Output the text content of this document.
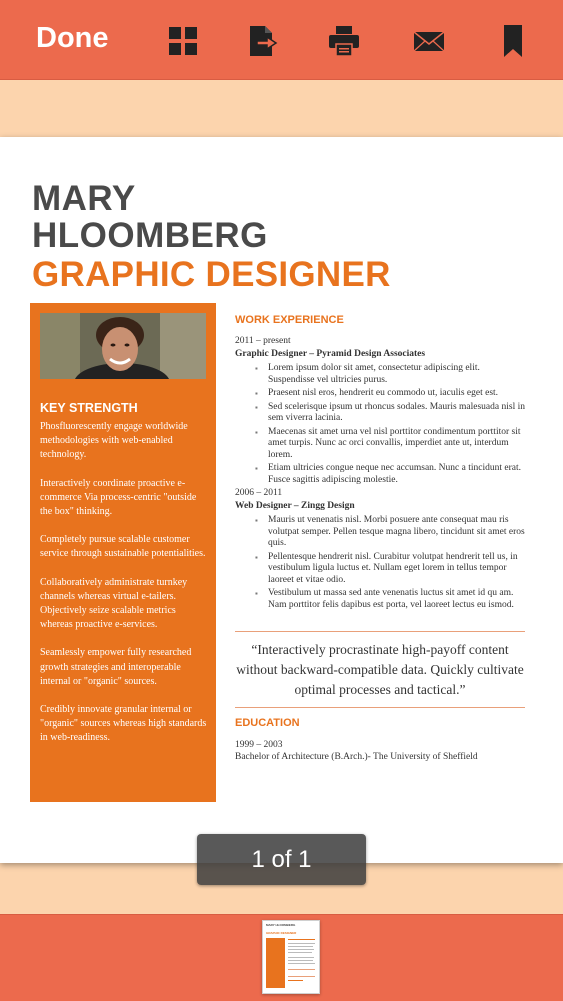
Done
MARY
HLOOMBERG
GRAPHIC DESIGNER
KEY STRENGTH

Phosfluorescently engage worldwide methodologies with web-enabled technology.

Interactively coordinate proactive e-commerce Via process-centric "outside the box" thinking.

Completely pursue scalable customer service through sustainable potentialities.

Collaboratively administrate turnkey channels whereas virtual e-tailers. Objectively seize scalable metrics whereas proactive e-services.

Seamlessly empower fully researched growth strategies and interoperable internal or "organic" sources.

Credibly innovate granular internal or "organic" sources whereas high standards in web-readiness.

WORK EXPERIENCE
2011 – present
Graphic Designer – Pyramid Design Associates
▪ Lorem ipsum dolor sit amet, consectetur adipiscing elit. Suspendisse vel ultricies purus.
▪ Praesent nisl eros, hendrerit eu commodo ut, iaculis eget est.
▪ Sed scelerisque ipsum ut rhoncus sodales. Mauris malesuada nisl in sem viverra lacinia.
▪ Maecenas sit amet urna vel nisl porttitor condimentum porttitor sit amet turpis. Nunc ac orci convallis, imperdiet ante ut, interdum lorem.
▪ Etiam ultricies congue neque nec accumsan. Nunc a tincidunt erat. Fusce sagittis adipiscing molestie.
2006 – 2011
Web Designer – Zingg Design
▪ Mauris ut venenatis nisl. Morbi posuere ante consequat mau ris volutpat semper. Pellen tesque magna libero, tincidunt sit amet eros quis.
▪ Pellentesque hendrerit nisl. Curabitur volutpat hendrerit tell us, in vestibulum ligula luctus et. Nullam eget lorem in tellus tempor laoreet et vitae odio.
▪ Vestibulum ut massa sed ante venenatis luctus sit amet id qu am. Nam porttitor felis dapibus est porta, vel laoreet lectus eu ismod.
“Interactively procrastinate high-payoff content without backward-compatible data. Quickly cultivate optimal processes and tactical.”
EDUCATION
1999 – 2003
Bachelor of Architecture (B.Arch.)- The University of Sheffield
1 of 1
MARY HLOOMBERG
GRAPHIC DESIGNER
